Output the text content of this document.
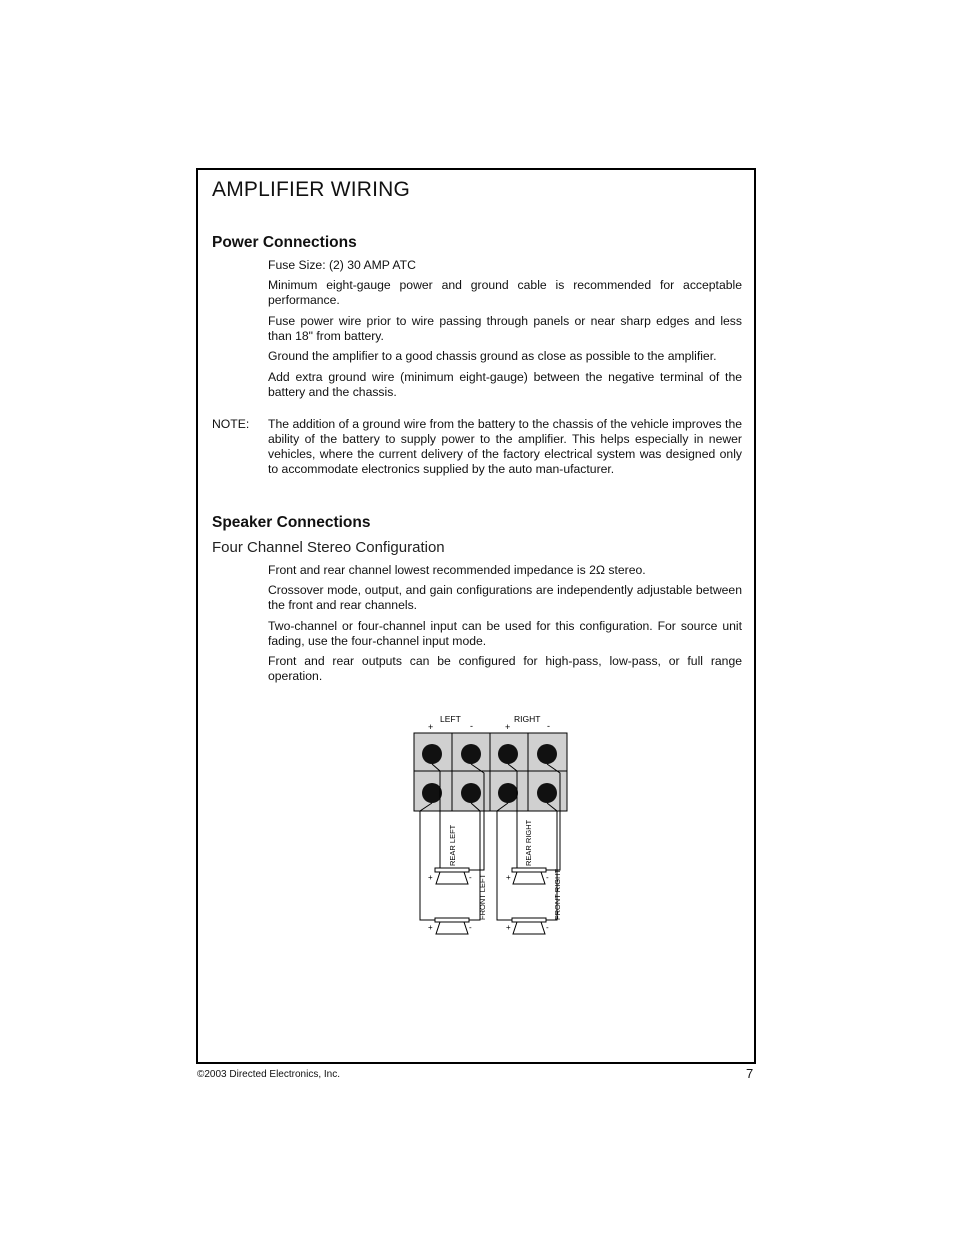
AMPLIFIER WIRING
Power Connections

Fuse Size: (2) 30 AMP ATC

Minimum eight-gauge power and ground cable is recommended for acceptable performance.

Fuse power wire prior to wire passing through panels or near sharp edges and less than 18" from battery.

Ground the amplifier to a good chassis ground as close as possible to the amplifier.

Add extra ground wire (minimum eight-gauge) between the negative terminal of the battery and the chassis.

NOTE: The addition of a ground wire from the battery to the chassis of the vehicle improves the ability of the battery to supply power to the amplifier. This helps especially in newer vehicles, where the current delivery of the factory electrical system was designed only to accommodate electronics supplied by the auto man-ufacturer.

Speaker Connections
Four Channel Stereo Configuration

Front and rear channel lowest recommended impedance is 2Ω stereo.

Crossover mode, output, and gain configurations are independently adjustable between the front and rear channels.

Two-channel or four-channel input can be used for this configuration. For source unit fading, use the four-channel input mode.

Front and rear outputs can be configured for high-pass, low-pass, or full range operation.

LEFT	RIGHT
+	-	+	-
+	-
+	-
+	-
+	-
REAR LEFT
FRONT LEFT
REAR RIGHT
FRONT RIGHT
©2003 Directed Electronics, Inc.	7
